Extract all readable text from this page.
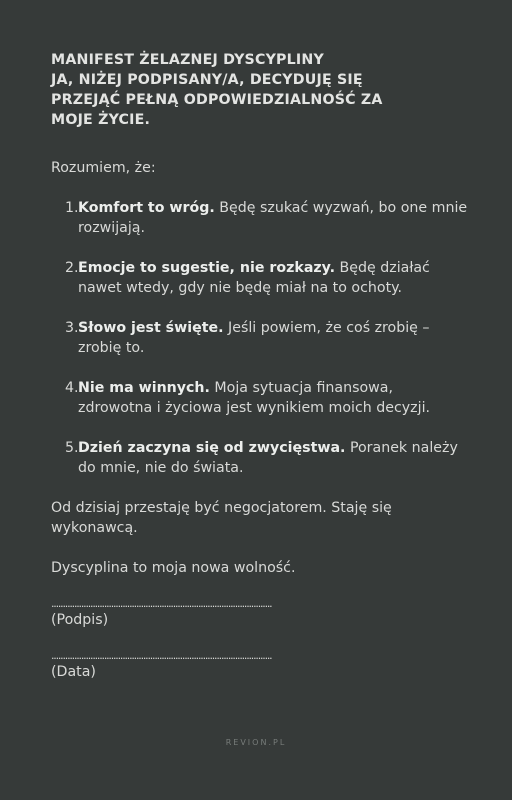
MANIFEST ŻELAZNEJ DYSCYPLINY
JA, NIŻEJ PODPISANY/A, DECYDUJĘ SIĘ
PRZEJĄĆ PEŁNĄ ODPOWIEDZIALNOŚĆ ZA
MOJE ŻYCIE.

Rozumiem, że:

1. Komfort to wróg. Będę szukać wyzwań, bo one mnie rozwijają.
2. Emocje to sugestie, nie rozkazy. Będę działać nawet wtedy, gdy nie będę miał na to ochoty.
3. Słowo jest święte. Jeśli powiem, że coś zrobię – zrobię to.
4. Nie ma winnych. Moja sytuacja finansowa, zdrowotna i życiowa jest wynikiem moich decyzji.
5. Dzień zaczyna się od zwycięstwa. Poranek należy do mnie, nie do świata.

Od dzisiaj przestaję być negocjatorem. Staję się wykonawcą.

Dyscyplina to moja nowa wolność.

................................................................................................

(Podpis)

................................................................................................

(Data)

REVION.PL
